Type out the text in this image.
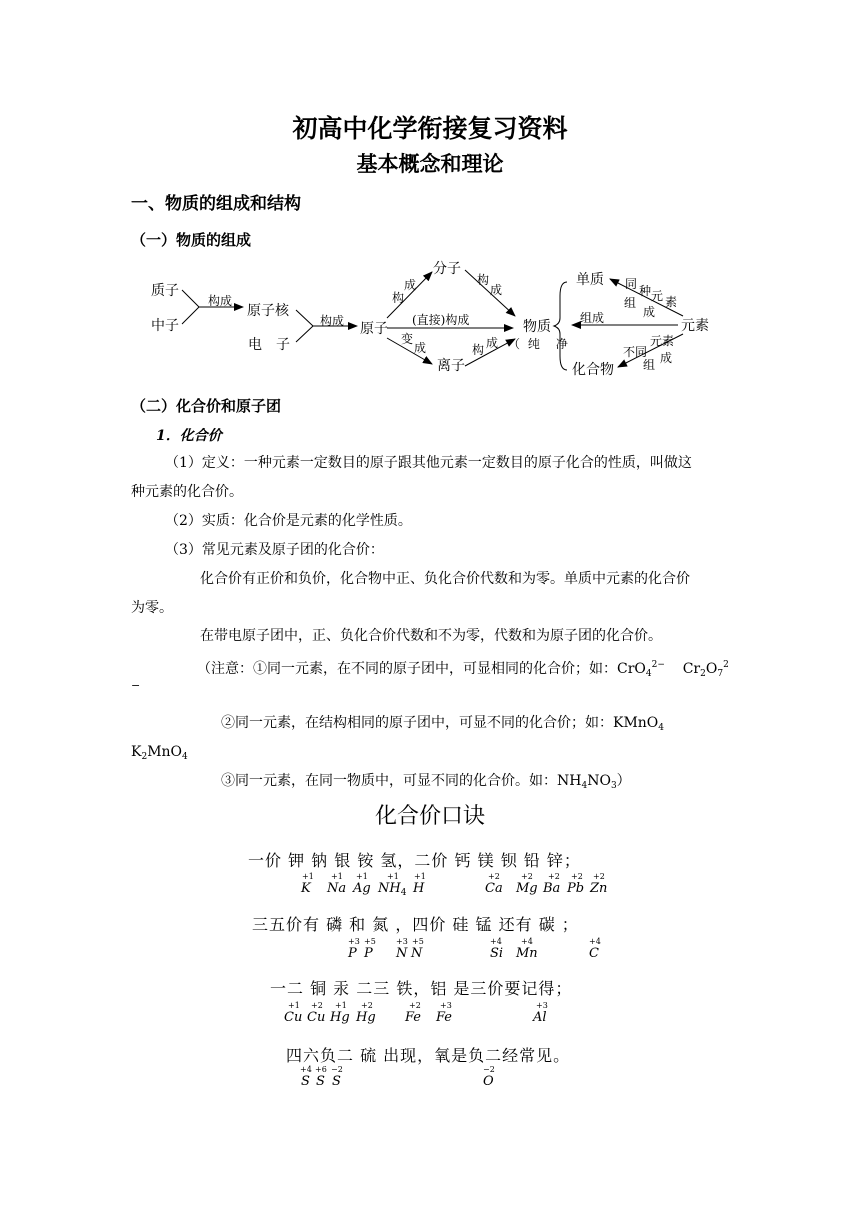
初高中化学衔接复习资料
基本概念和理论
一、物质的组成和结构
（一）物质的组成
质子
中子
构成
原子核
电　子
构成 原子
构
成
分子
构
成
(直接)构成
变
成
离子
构 成
物质
（ 纯　净
单质 同 种 元 素
组
成
组成	元素
不同
元素
组 成
化合物
（二）化合价和原子团
1．化合价
（1）定义：一种元素一定数目的原子跟其他元素一定数目的原子化合的性质，叫做这
种元素的化合价。
（2）实质：化合价是元素的化学性质。
（3）常见元素及原子团的化合价：
化合价有正价和负价，化合物中正、负化合价代数和为零。单质中元素的化合价
为零。
在带电原子团中，正、负化合价代数和不为零，代数和为原子团的化合价。
（注意：①同一元素，在不同的原子团中，可显相同的化合价；如：CrO$_4^{2-}$ $Cr_2O_7^2$
−
②同一元素，在结构相同的原子团中，可显不同的化合价；如：KMnO$_4$
$K_2MnO_4$
③同一元素，在同一物质中，可显不同的化合价。如：$NH_4NO_3$）
化合价口诀
一价 钾 钠 银 铵 氢，二价 钙 镁 钡 铅 锌；
三五价有 磷 和 氮 ，四价 硅 锰 还有 碳 ；
一二 铜 汞 二三 铁，铝 是三价要记得；
四六负二 硫 出现，氧是负二经常见。
+1
K
+1
Na
+1
Ag
+1
$NH_4$
+1
H
+2
Ca
+2
Mg
+2
Ba
+2
Pb
+2
Zn
+3
P
+5
P
+3
N
+5
N
+4
Si
+4
Mn
+4
C
+1
Cu
+2
Cu
+1
Hg
+2
Hg
+2
Fe
+3
Fe
+3
Al
+4
S
+6
S
−2
S
−2
O
